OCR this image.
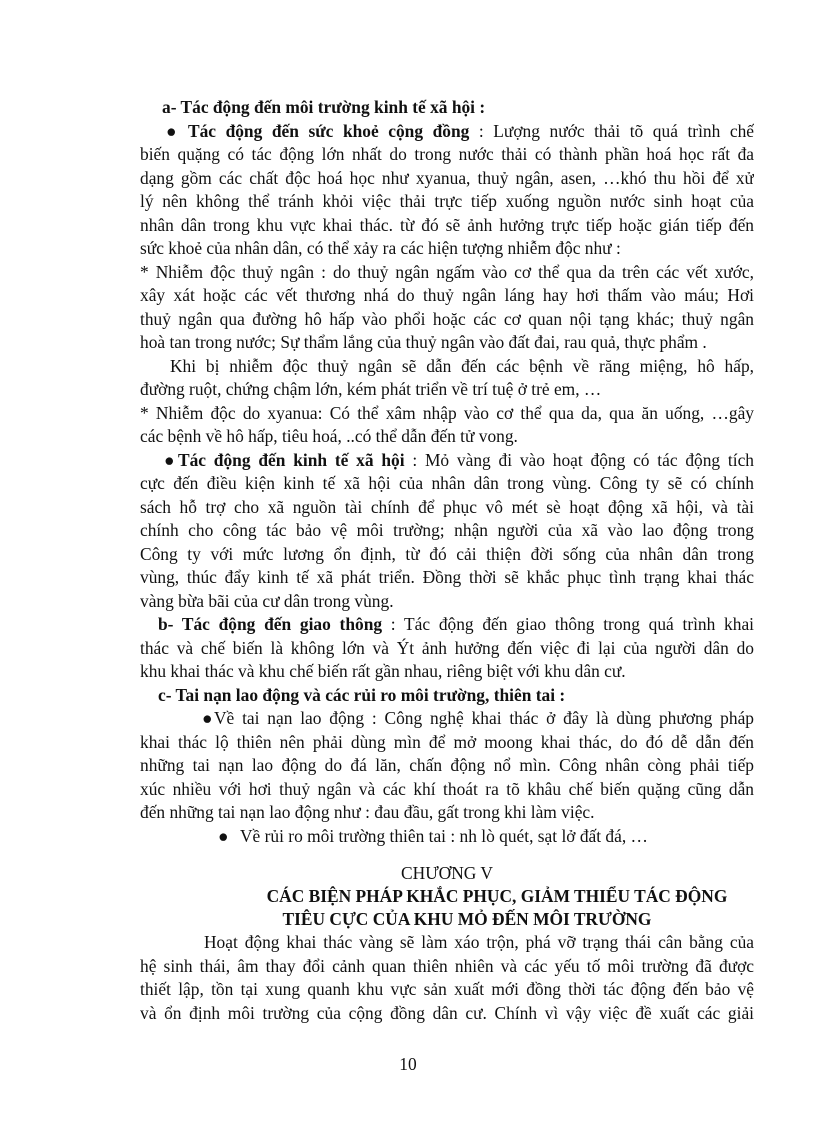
a- Tác động đến môi trường kinh tế xã hội :
● Tác động đến sức khoẻ cộng đồng : Lượng nước thải tõ quá trình chế
biến quặng có tác động lớn nhất do trong nước thải có thành phần hoá học rất đa
dạng gồm các chất độc hoá học như xyanua, thuỷ ngân, asen, …khó thu hồi để xử
lý nên không thể tránh khỏi việc thải trực tiếp xuống nguồn nước sinh hoạt của
nhân dân trong khu vực khai thác. từ đó sẽ ảnh hưởng trực tiếp hoặc gián tiếp đến
sức khoẻ của nhân dân, có thể xảy ra các hiện tượng nhiễm độc như :
* Nhiễm độc thuỷ ngân : do thuỷ ngân ngấm vào cơ thể qua da trên các vết xước,
xây xát hoặc các vết thương nhá do thuỷ ngân láng hay hơi thấm vào máu; Hơi
thuỷ ngân qua đường hô hấp vào phổi hoặc các cơ quan nội tạng khác; thuỷ ngân
hoà tan trong nước; Sự thẩm lắng của thuỷ ngân vào đất đai, rau quả, thực phẩm .
Khi bị nhiễm độc thuỷ ngân sẽ dẫn đến các bệnh về răng miệng, hô hấp,
đường ruột, chứng chậm lớn, kém phát triển về trí tuệ ở trẻ em, …
* Nhiễm độc do xyanua: Có thể xâm nhập vào cơ thể qua da, qua ăn uống, …gây
các bệnh về hô hấp, tiêu hoá, ..có thể dẫn đến tử vong.
● Tác động đến kinh tế xã hội : Mỏ vàng đi vào hoạt động có tác động tích
cực đến điều kiện kinh tế xã hội của nhân dân trong vùng. Công ty sẽ có chính
sách hỗ trợ cho xã nguồn tài chính để phục vô mét sè hoạt động xã hội, và tài
chính cho công tác bảo vệ môi trường; nhận người của xã vào lao động trong
Công ty với mức lương ổn định, từ đó cải thiện đời sống của nhân dân trong
vùng, thúc đẩy kinh tế xã phát triển. Đồng thời sẽ khắc phục tình trạng khai thác
vàng bừa bãi của cư dân trong vùng.
b- Tác động đến giao thông : Tác động đến giao thông trong quá trình khai
thác và chế biến là không lớn và Ýt ảnh hưởng đến việc đi lại của người dân do
khu khai thác và khu chế biến rất gần nhau, riêng biệt với khu dân cư.
c- Tai nạn lao động và các rủi ro môi trường, thiên tai :
●Về tai nạn lao động : Công nghệ khai thác ở đây là dùng phương pháp
khai thác lộ thiên nên phải dùng mìn để mở moong khai thác, do đó dễ dẫn đến
những tai nạn lao động do đá lăn, chấn động nổ mìn. Công nhân còng phải tiếp
xúc nhiều với hơi thuỷ ngân và các khí thoát ra tõ khâu chế biến quặng cũng dẫn
đến những tai nạn lao động như : đau đầu, gất trong khi làm việc.
● Về rủi ro môi trường thiên tai : nh lò quét, sạt lở đất đá, …
CHƯƠNG V
CÁC BIỆN PHÁP KHẮC PHỤC, GIẢM THIỂU TÁC ĐỘNG
TIÊU CỰC CỦA KHU MỎ ĐẾN MÔI TRƯỜNG
Hoạt động khai thác vàng sẽ làm xáo trộn, phá vỡ trạng thái cân bằng của
hệ sinh thái, âm thay đổi cảnh quan thiên nhiên và các yếu tố môi trường đã được
thiết lập, tồn tại xung quanh khu vực sản xuất mới đồng thời tác động đến bảo vệ
và ổn định môi trường của cộng đồng dân cư. Chính vì vậy việc đề xuất các giải
10
